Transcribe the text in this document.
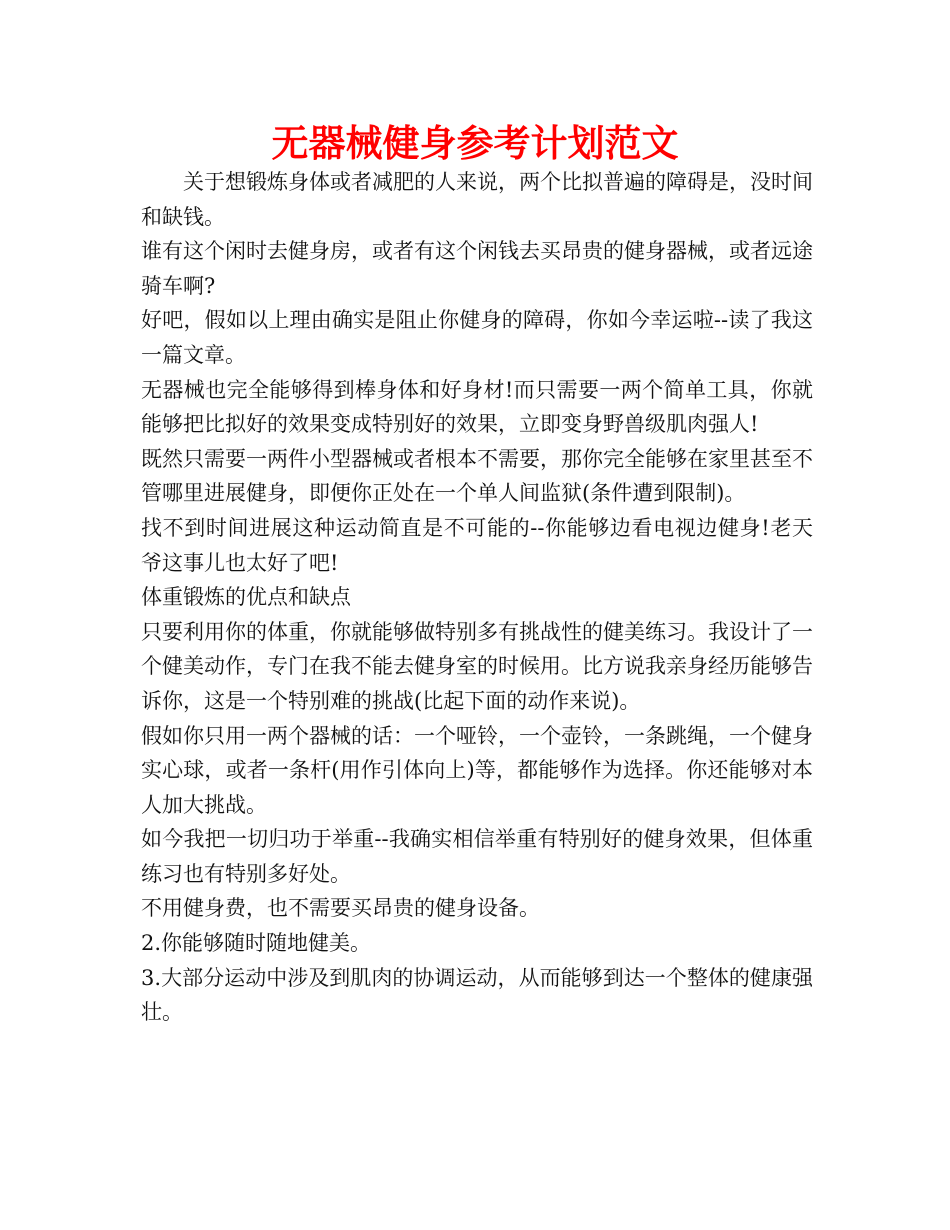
无器械健身参考计划范文

关于想锻炼身体或者减肥的人来说，两个比拟普遍的障碍是，没时间和缺钱。

谁有这个闲时去健身房，或者有这个闲钱去买昂贵的健身器械，或者远途骑车啊?

好吧，假如以上理由确实是阻止你健身的障碍，你如今幸运啦--读了我这一篇文章。

无器械也完全能够得到棒身体和好身材!而只需要一两个简单工具，你就能够把比拟好的效果变成特别好的效果，立即变身野兽级肌肉强人!

既然只需要一两件小型器械或者根本不需要，那你完全能够在家里甚至不管哪里进展健身，即便你正处在一个单人间监狱(条件遭到限制)。

找不到时间进展这种运动简直是不可能的--你能够边看电视边健身!老天爷这事儿也太好了吧!

体重锻炼的优点和缺点

只要利用你的体重，你就能够做特别多有挑战性的健美练习。我设计了一个健美动作，专门在我不能去健身室的时候用。比方说我亲身经历能够告诉你，这是一个特别难的挑战(比起下面的动作来说)。

假如你只用一两个器械的话：一个哑铃，一个壶铃，一条跳绳，一个健身实心球，或者一条杆(用作引体向上)等，都能够作为选择。你还能够对本人加大挑战。

如今我把一切归功于举重--我确实相信举重有特别好的健身效果，但体重练习也有特别多好处。

不用健身费，也不需要买昂贵的健身设备。

2.你能够随时随地健美。

3.大部分运动中涉及到肌肉的协调运动，从而能够到达一个整体的健康强壮。
